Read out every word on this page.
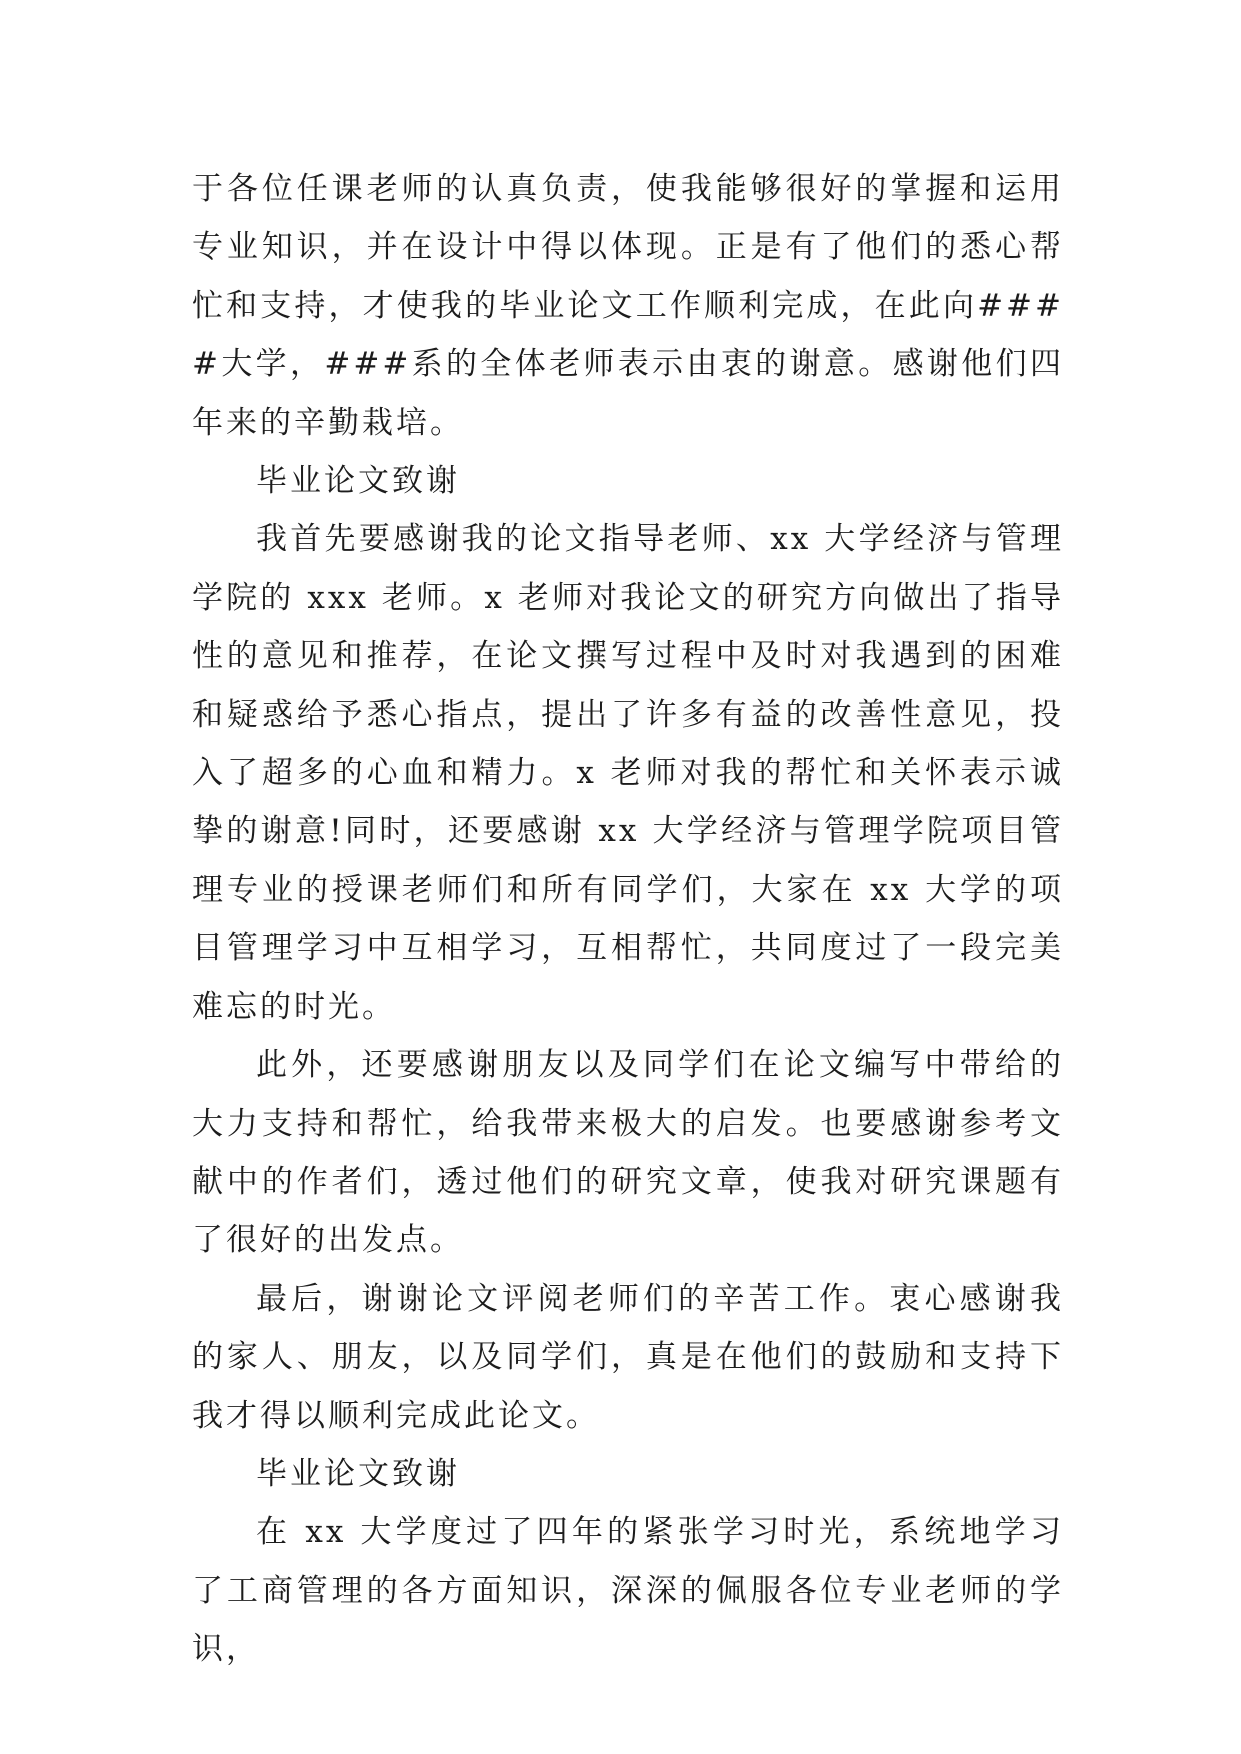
于各位任课老师的认真负责，使我能够很好的掌握和运用专业知识，并在设计中得以体现。正是有了他们的悉心帮忙和支持，才使我的毕业论文工作顺利完成，在此向####大学，###系的全体老师表示由衷的谢意。感谢他们四年来的辛勤栽培。

毕业论文致谢

我首先要感谢我的论文指导老师、xx 大学经济与管理学院的 xxx 老师。x 老师对我论文的研究方向做出了指导性的意见和推荐，在论文撰写过程中及时对我遇到的困难和疑惑给予悉心指点，提出了许多有益的改善性意见，投入了超多的心血和精力。x 老师对我的帮忙和关怀表示诚挚的谢意!同时，还要感谢 xx 大学经济与管理学院项目管理专业的授课老师们和所有同学们，大家在 xx 大学的项目管理学习中互相学习，互相帮忙，共同度过了一段完美难忘的时光。

此外，还要感谢朋友以及同学们在论文编写中带给的大力支持和帮忙，给我带来极大的启发。也要感谢参考文献中的作者们，透过他们的研究文章，使我对研究课题有了很好的出发点。

最后，谢谢论文评阅老师们的辛苦工作。衷心感谢我的家人、朋友，以及同学们，真是在他们的鼓励和支持下我才得以顺利完成此论文。

毕业论文致谢

在 xx 大学度过了四年的紧张学习时光，系统地学习了工商管理的各方面知识，深深的佩服各位专业老师的学识，
